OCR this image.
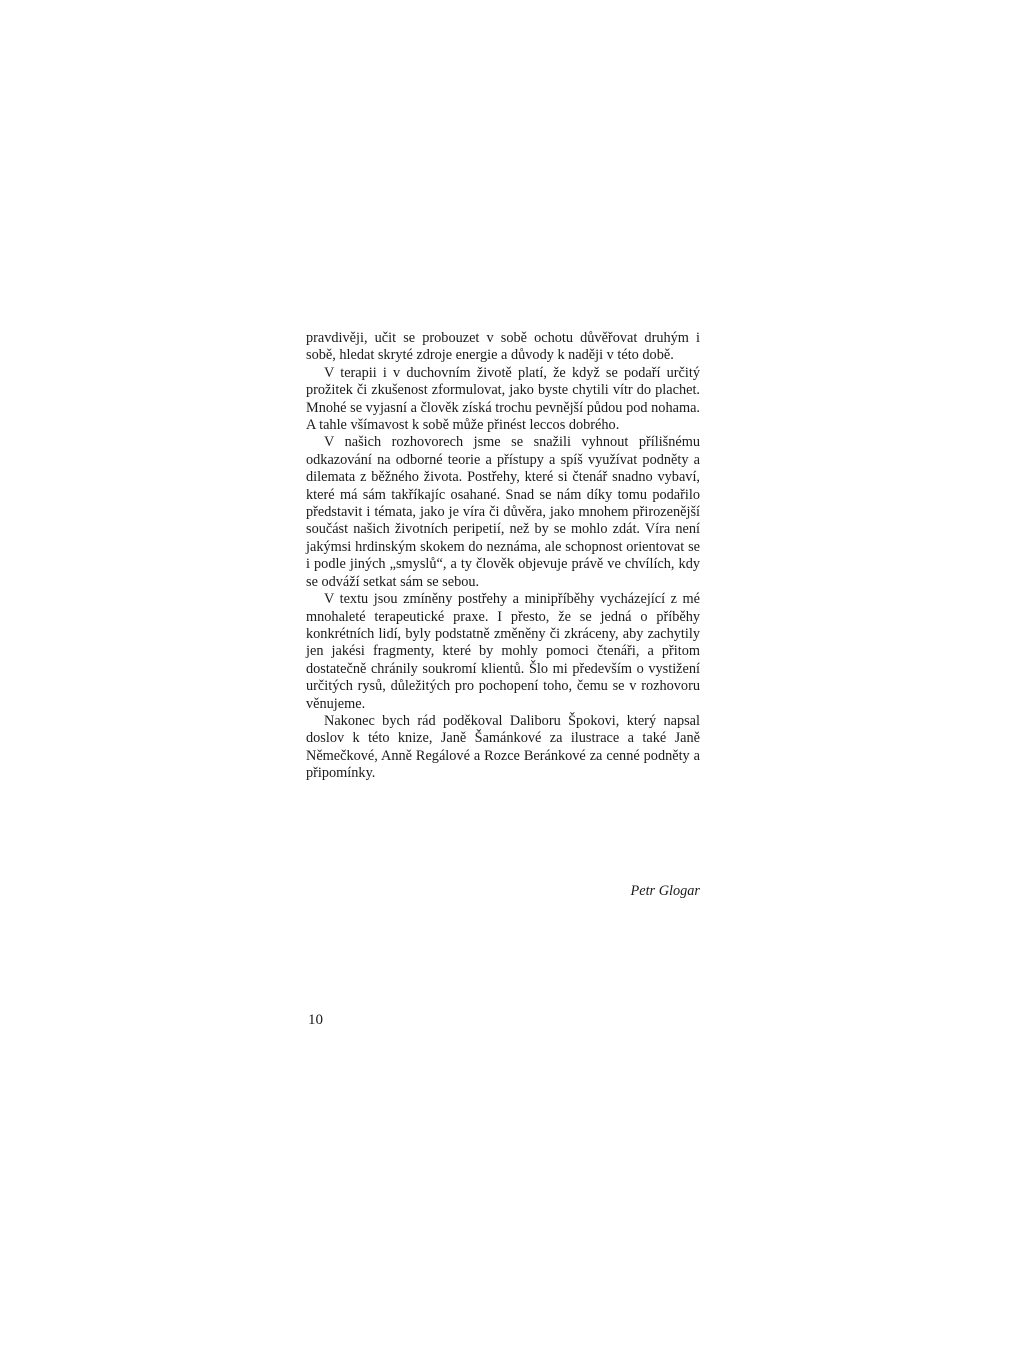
pravdivěji, učit se probouzet v sobě ochotu důvěřovat druhým i sobě, hledat skryté zdroje energie a důvody k naději v této době.

V terapii i v duchovním životě platí, že když se podaří určitý prožitek či zkušenost zformulovat, jako byste chytili vítr do plachet. Mnohé se vyjasní a člověk získá trochu pevnější půdou pod nohama. A tahle všímavost k sobě může přinést leccos dobrého.

V našich rozhovorech jsme se snažili vyhnout přílišnému odkazování na odborné teorie a přístupy a spíš využívat podněty a dilemata z běžného života. Postřehy, které si čtenář snadno vybaví, které má sám takříkajíc osahané. Snad se nám díky tomu podařilo představit i témata, jako je víra či důvěra, jako mnohem přirozenější součást našich životních peripetií, než by se mohlo zdát. Víra není jakýmsi hrdinským skokem do neznáma, ale schopnost orientovat se i podle jiných „smyslů“, a ty člověk objevuje právě ve chvílích, kdy se odváží setkat sám se sebou.

V textu jsou zmíněny postřehy a minipříběhy vycházející z mé mnohaleté terapeutické praxe. I přesto, že se jedná o příběhy konkrétních lidí, byly podstatně změněny či zkráceny, aby zachytily jen jakési fragmenty, které by mohly pomoci čtenáři, a přitom dostatečně chránily soukromí klientů. Šlo mi především o vystižení určitých rysů, důležitých pro pochopení toho, čemu se v rozhovoru věnujeme.

Nakonec bych rád poděkoval Daliboru Špokovi, který napsal doslov k této knize, Janě Šamánkové za ilustrace a také Janě Němečkové, Anně Regálové a Rozce Beránkové za cenné podněty a připomínky.

Petr Glogar
10
